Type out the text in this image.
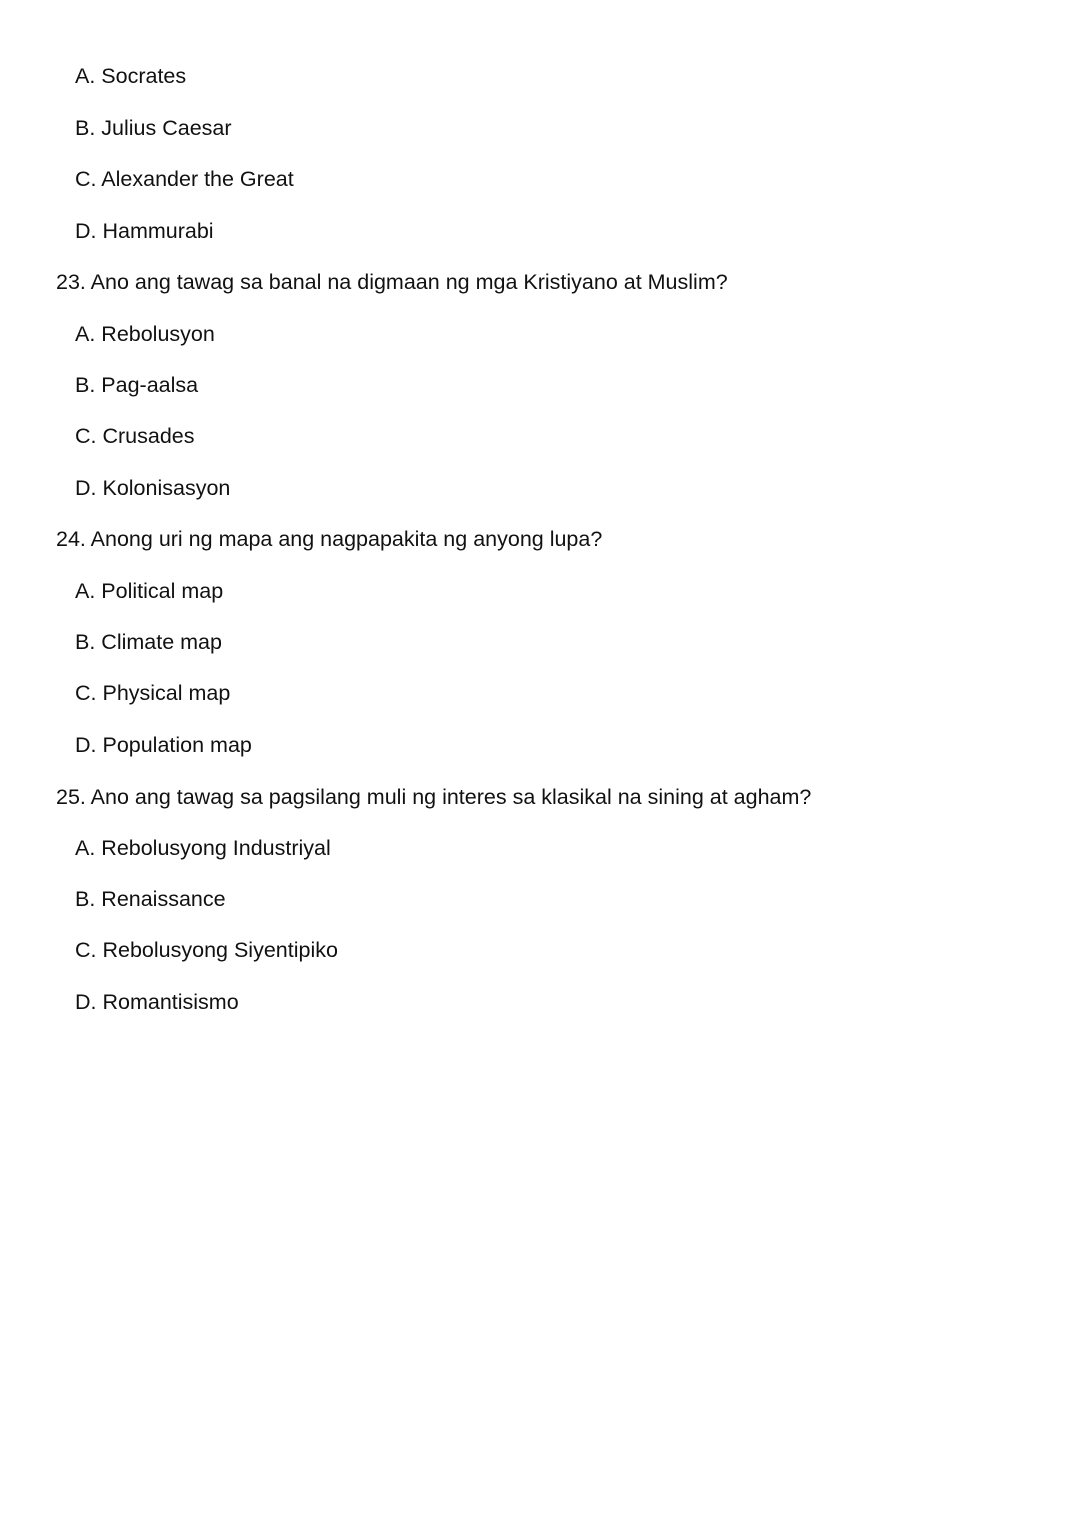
A. Socrates
B. Julius Caesar
C. Alexander the Great
D. Hammurabi
23. Ano ang tawag sa banal na digmaan ng mga Kristiyano at Muslim?
A. Rebolusyon
B. Pag-aalsa
C. Crusades
D. Kolonisasyon
24. Anong uri ng mapa ang nagpapakita ng anyong lupa?
A. Political map
B. Climate map
C. Physical map
D. Population map
25. Ano ang tawag sa pagsilang muli ng interes sa klasikal na sining at agham?
A. Rebolusyong Industriyal
B. Renaissance
C. Rebolusyong Siyentipiko
D. Romantisismo
